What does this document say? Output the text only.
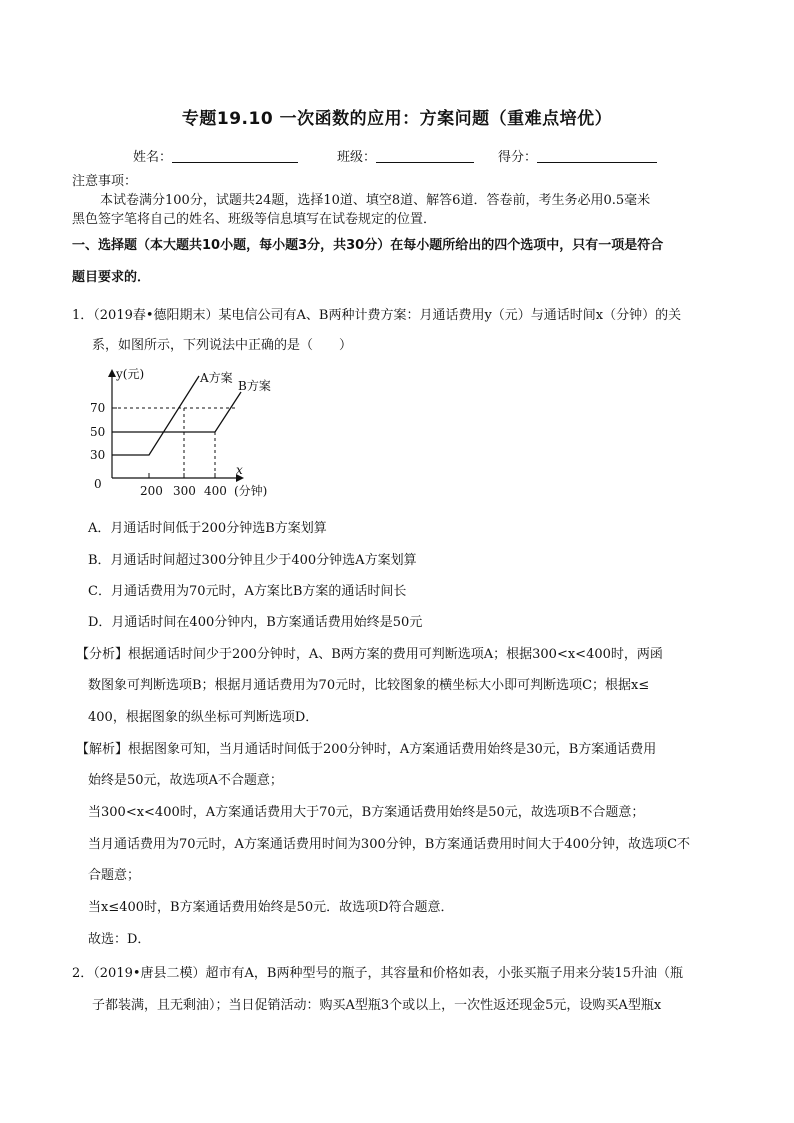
专题19.10 一次函数的应用：方案问题（重难点培优）
姓名：	班级：	得分：
注意事项：
本试卷满分100分，试题共24题，选择10道、填空8道、解答6道．答卷前，考生务必用0.5毫米
黑色签字笔将自己的姓名、班级等信息填写在试卷规定的位置．
一、选择题（本大题共10小题，每小题3分，共30分）在每小题所给出的四个选项中，只有一项是符合
题目要求的．
1．（2019春•德阳期末）某电信公司有A、B两种计费方案：月通话费用y（元）与通话时间x（分钟）的关
系，如图所示，下列说法中正确的是（　　）
y(元)
70
50
30
0	200 300 400
x
(分钟)
A方案
B方案
A．月通话时间低于200分钟选B方案划算
B．月通话时间超过300分钟且少于400分钟选A方案划算
C．月通话费用为70元时，A方案比B方案的通话时间长
D．月通话时间在400分钟内，B方案通话费用始终是50元
【分析】根据通话时间少于200分钟时，A、B两方案的费用可判断选项A；根据300<x<400时，两函
数图象可判断选项B；根据月通话费用为70元时，比较图象的横坐标大小即可判断选项C；根据x≤
400，根据图象的纵坐标可判断选项D．
【解析】根据图象可知，当月通话时间低于200分钟时，A方案通话费用始终是30元，B方案通话费用
始终是50元，故选项A不合题意；
当300<x<400时，A方案通话费用大于70元，B方案通话费用始终是50元，故选项B不合题意；
当月通话费用为70元时，A方案通话费用时间为300分钟，B方案通话费用时间大于400分钟，故选项C不
合题意；
当x≤400时，B方案通话费用始终是50元．故选项D符合题意．
故选：D．
2．（2019•唐县二模）超市有A，B两种型号的瓶子，其容量和价格如表，小张买瓶子用来分装15升油（瓶
子都装满，且无剩油）；当日促销活动：购买A型瓶3个或以上，一次性返还现金5元，设购买A型瓶x
